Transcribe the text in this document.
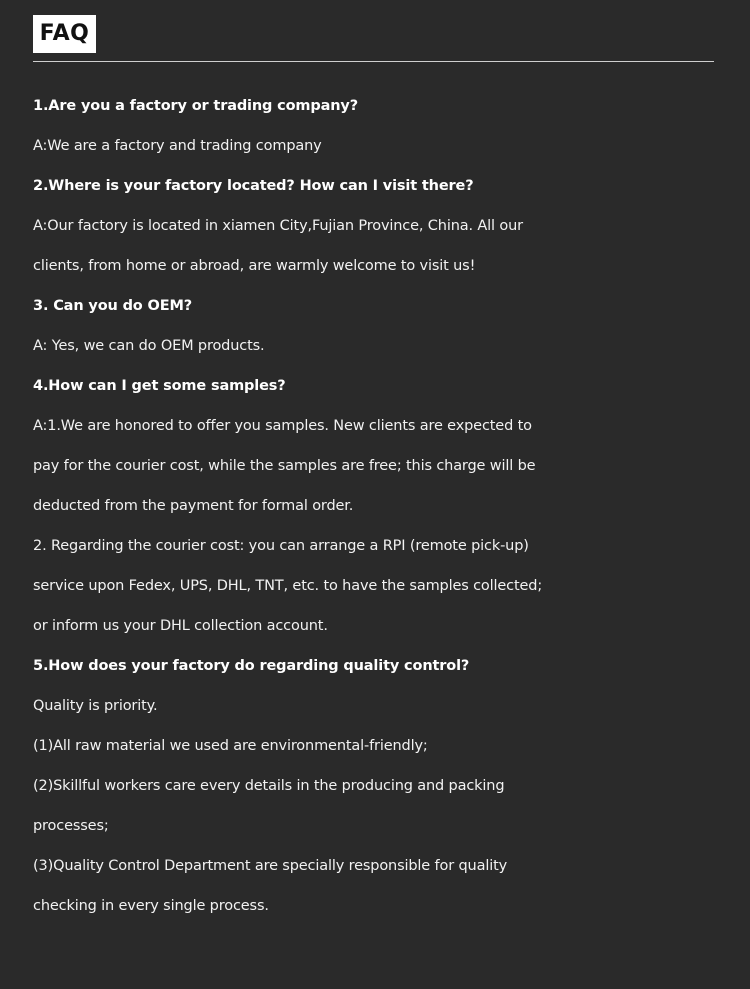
FAQ
1.Are you a factory or trading company?
A:We are a factory and trading company
2.Where is your factory located? How can I visit there?
A:Our factory is located in xiamen City,Fujian Province, China. All our
clients, from home or abroad, are warmly welcome to visit us!
3. Can you do OEM?
A: Yes, we can do OEM products.
4.How can I get some samples?
A:1.We are honored to offer you samples. New clients are expected to
pay for the courier cost, while the samples are free; this charge will be
deducted from the payment for formal order.
2. Regarding the courier cost: you can arrange a RPI (remote pick-up)
service upon Fedex, UPS, DHL, TNT, etc. to have the samples collected;
or inform us your DHL collection account.
5.How does your factory do regarding quality control?
Quality is priority.
(1)All raw material we used are environmental-friendly;
(2)Skillful workers care every details in the producing and packing
processes;
(3)Quality Control Department are specially responsible for quality
checking in every single process.
